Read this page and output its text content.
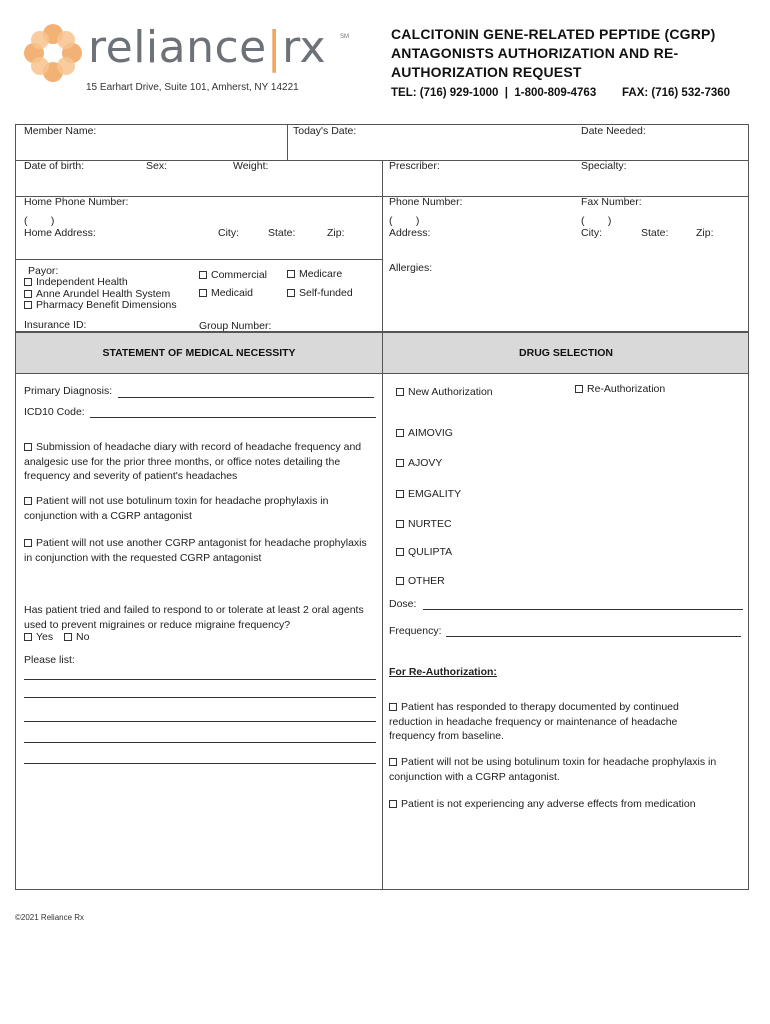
reliance|rx SM
15 Earhart Drive, Suite 101, Amherst, NY 14221
CALCITONIN GENE-RELATED PEPTIDE (CGRP)
ANTAGONISTS AUTHORIZATION AND RE-
AUTHORIZATION REQUEST
TEL: (716) 929-1000  |  1-800-809-4763 FAX: (716) 532-7360
Member Name:	Today's Date:	Date Needed:
Date of birth:	Sex:	Weight:	Prescriber:	Specialty:
Home Phone Number:
(        )
Home Address:	City:	State:	Zip:
Phone Number:
(        )
Address:
Fax Number:
(        )
City:	State:	Zip:
Allergies:
Payor:
Independent Health
Anne Arundel Health System
Pharmacy Benefit Dimensions
Commercial
Medicaid
Medicare
Self-funded
Insurance ID:	Group Number:
STATEMENT OF MEDICAL NECESSITY	DRUG SELECTION
Primary Diagnosis:
ICD10 Code:
Submission of headache diary with record of headache frequency and analgesic use for the prior three months, or office notes detailing the frequency and severity of patient's headaches
Patient will not use botulinum toxin for headache prophylaxis in conjunction with a CGRP antagonist
Patient will not use another CGRP antagonist for headache prophylaxis in conjunction with the requested CGRP antagonist
Has patient tried and failed to respond to or tolerate at least 2 oral agents used to prevent migraines or reduce migraine frequency?
Yes	No
Please list:
New Authorization	Re-Authorization
AIMOVIG
AJOVY
EMGALITY
NURTEC
QULIPTA
OTHER
Dose:
Frequency:
For Re-Authorization:
Patient has responded to therapy documented by continued reduction in headache frequency or maintenance of headache frequency from baseline.
Patient will not be using botulinum toxin for headache prophylaxis in conjunction with a CGRP antagonist.
Patient is not experiencing any adverse effects from medication
©2021 Reliance Rx
